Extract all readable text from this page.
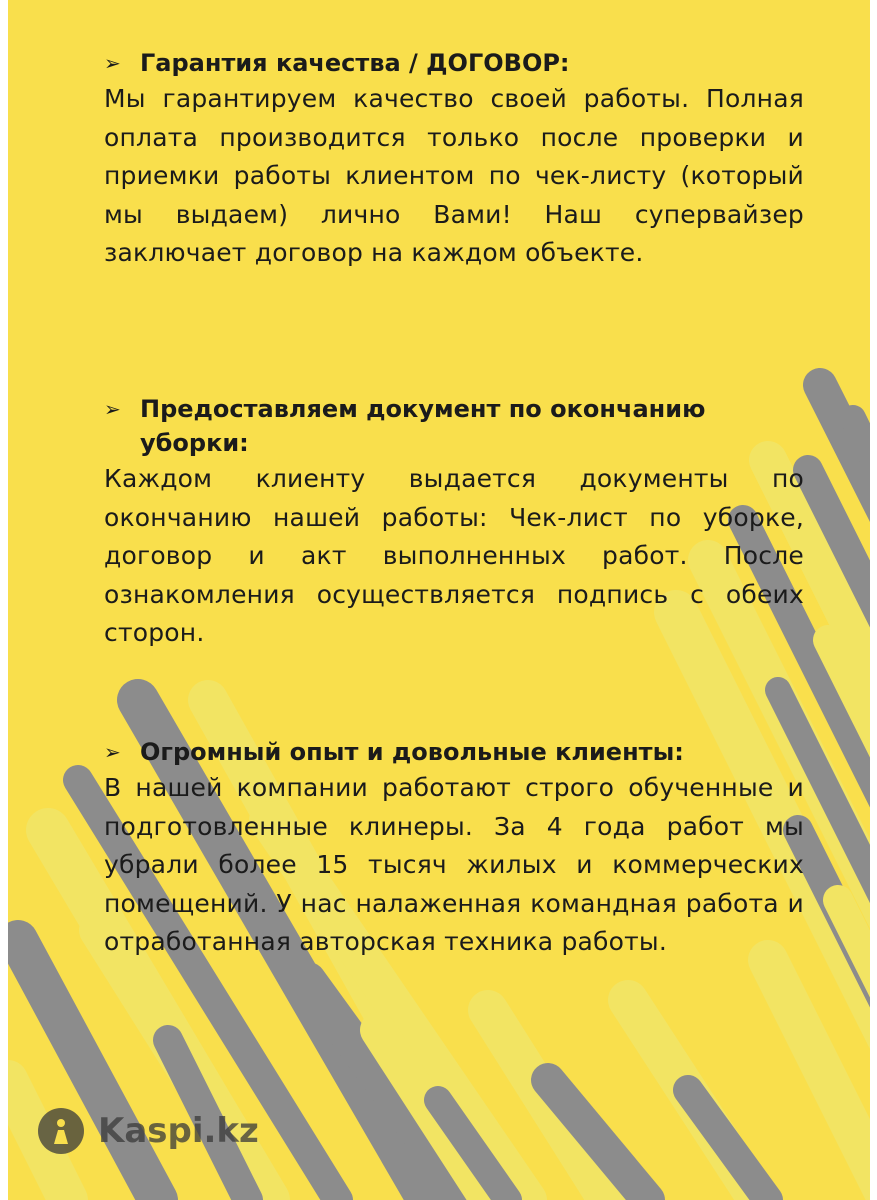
➢ Гарантия качества / ДОГОВОР:

Мы гарантируем качество своей работы. Полная оплата производится только после проверки и приемки работы клиентом по чек-листу (который мы выдаем) лично Вами! Наш супервайзер заключает договор на каждом объекте.

➢ Предоставляем документ по окончанию уборки:

Каждом клиенту выдается документы по окончанию нашей работы: Чек-лист по уборке, договор и акт выполненных работ. После ознакомления осуществляется подпись с обеих сторон.

➢ Огромный опыт и довольные клиенты:

В нашей компании работают строго обученные и подготовленные клинеры. За 4 года работ мы убрали более 15 тысяч жилых и коммерческих помещений. У нас налаженная командная работа и отработанная авторская техника работы.

Kaspi.kz
